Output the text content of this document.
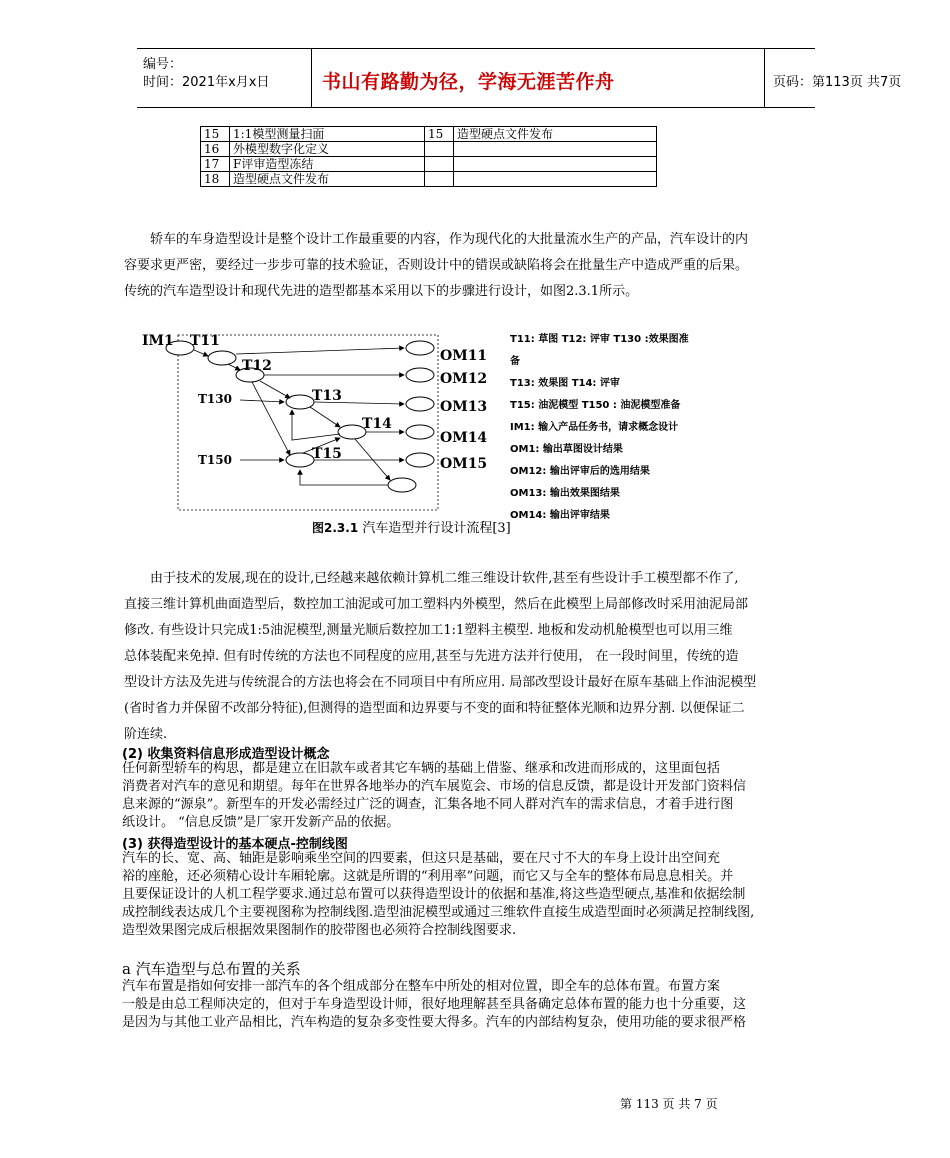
编号：
时间：2021年x月x日	书山有路勤为径，学海无涯苦作舟	页码：第113页 共7页
15	1:1模型测量扫面	15	造型硬点文件发布
16	外模型数字化定义		
17	F评审造型冻结		
18	造型硬点文件发布		
轿车的车身造型设计是整个设计工作最重要的内容，作为现代化的大批量流水生产的产品，汽车设计的内
容要求更严密，要经过一步步可靠的技术验证，否则设计中的错误或缺陷将会在批量生产中造成严重的后果。
传统的汽车造型设计和现代先进的造型都基本采用以下的步骤进行设计，如图2.3.1所示。
IM1 T11
T12
T130	T13
T14
T150	T15
OM11
OM12
OM13
OM14
OM15
T11: 草图 T12: 评审 T130 :效果图准
备
T13: 效果图 T14: 评审
T15: 油泥模型 T150 : 油泥模型准备
IM1: 输入产品任务书，请求概念设计
OM1: 输出草图设计结果
OM12: 输出评审后的选用结果
OM13: 输出效果图结果
OM14: 输出评审结果
图2.3.1 汽车造型并行设计流程[3]
由于技术的发展,现在的设计,已经越来越依赖计算机二维三维设计软件,甚至有些设计手工模型都不作了,
直接三维计算机曲面造型后，数控加工油泥或可加工塑料内外模型，然后在此模型上局部修改时采用油泥局部
修改. 有些设计只完成1:5油泥模型,测量光顺后数控加工1:1塑料主模型. 地板和发动机舱模型也可以用三维
总体装配来免掉. 但有时传统的方法也不同程度的应用,甚至与先进方法并行使用， 在一段时间里，传统的造
型设计方法及先进与传统混合的方法也将会在不同项目中有所应用. 局部改型设计最好在原车基础上作油泥模型
(省时省力并保留不改部分特征),但测得的造型面和边界要与不变的面和特征整体光顺和边界分割. 以便保证二
阶连续.
(2) 收集资料信息形成造型设计概念
任何新型轿车的构思，都是建立在旧款车或者其它车辆的基础上借鉴、继承和改进而形成的，这里面包括
消费者对汽车的意见和期望。每年在世界各地举办的汽车展览会、市场的信息反馈，都是设计开发部门资料信
息来源的“源泉”。新型车的开发必需经过广泛的调查，汇集各地不同人群对汽车的需求信息，才着手进行图
纸设计。 “信息反馈”是厂家开发新产品的依据。
(3) 获得造型设计的基本硬点-控制线图
汽车的长、宽、高、轴距是影响乘坐空间的四要素，但这只是基础，要在尺寸不大的车身上设计出空间充
裕的座舱，还必须精心设计车厢轮廓。这就是所谓的“利用率”问题，而它又与全车的整体布局息息相关。并
且要保证设计的人机工程学要求.通过总布置可以获得造型设计的依据和基准,将这些造型硬点,基准和依据绘制
成控制线表达成几个主要视图称为控制线图.造型油泥模型或通过三维软件直接生成造型面时必须满足控制线图,
造型效果图完成后根据效果图制作的胶带图也必须符合控制线图要求.
a 汽车造型与总布置的关系
汽车布置是指如何安排一部汽车的各个组成部分在整车中所处的相对位置，即全车的总体布置。布置方案
一般是由总工程师决定的，但对于车身造型设计师，很好地理解甚至具备确定总体布置的能力也十分重要，这
是因为与其他工业产品相比，汽车构造的复杂多变性要大得多。汽车的内部结构复杂，使用功能的要求很严格
第 113 页 共 7 页
